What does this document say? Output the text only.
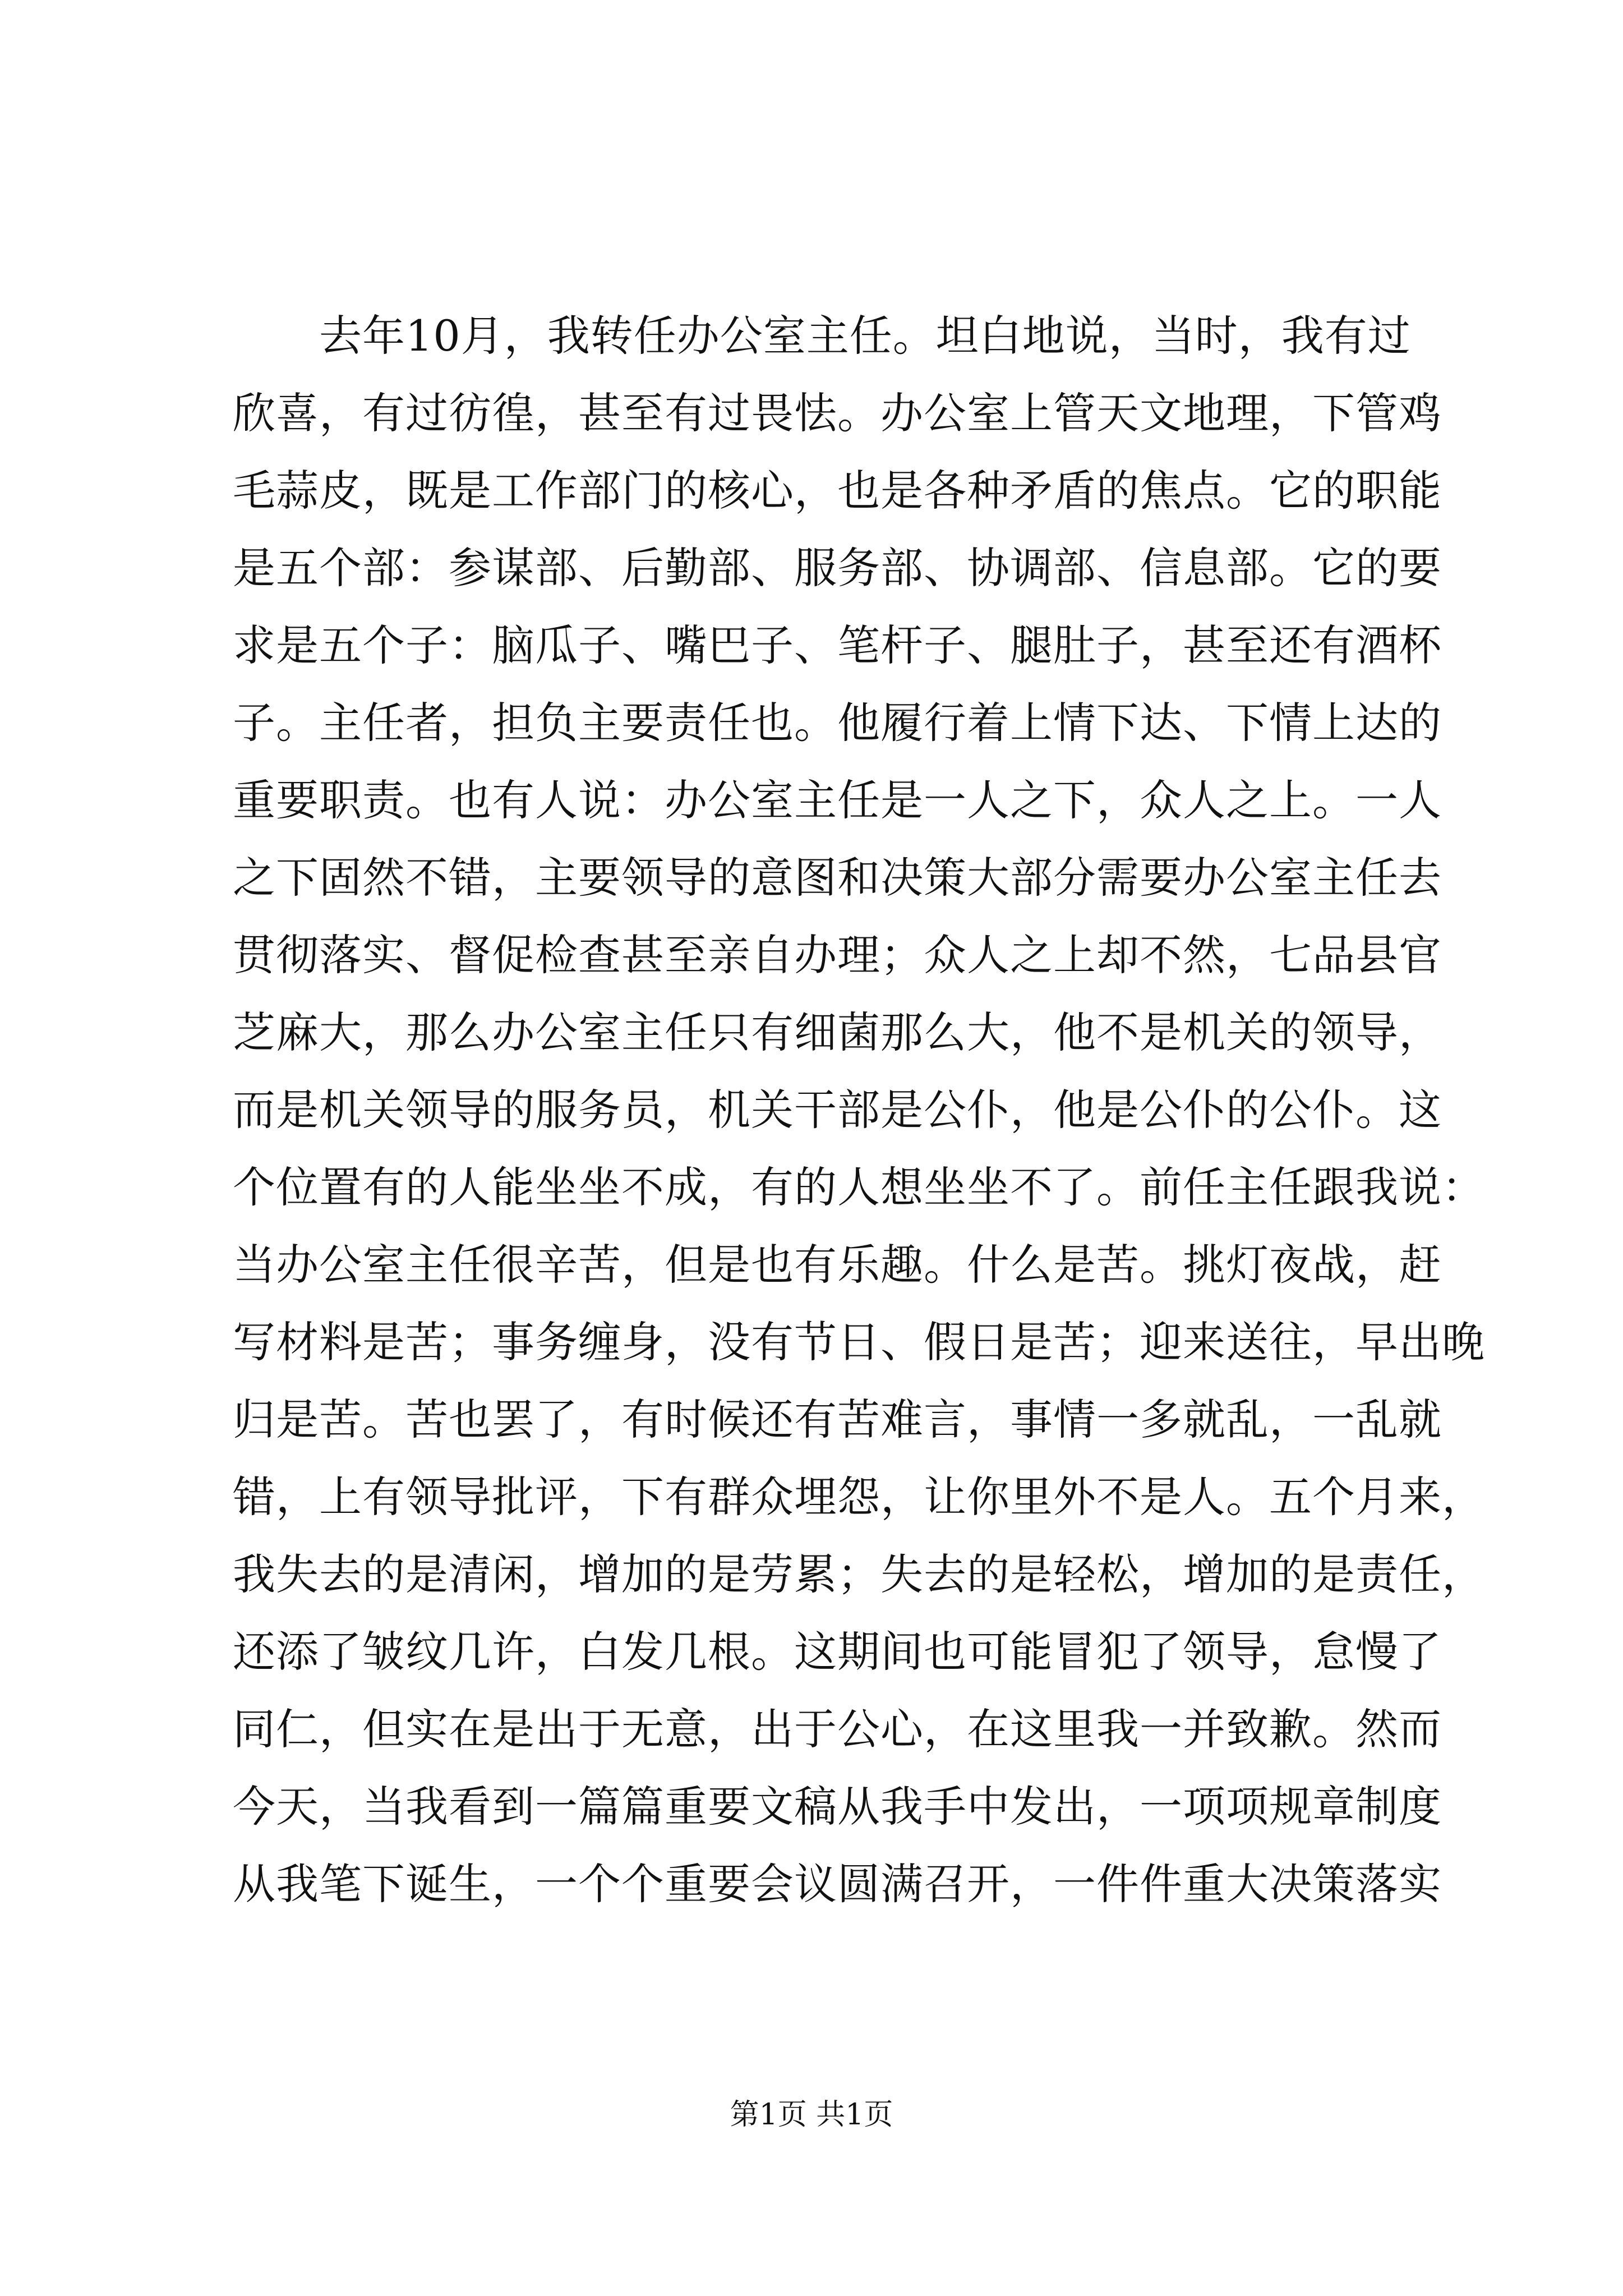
　　去年10月，我转任办公室主任。坦白地说，当时，我有过
欣喜，有过彷徨，甚至有过畏怯。办公室上管天文地理，下管鸡
毛蒜皮，既是工作部门的核心，也是各种矛盾的焦点。它的职能
是五个部：参谋部、后勤部、服务部、协调部、信息部。它的要
求是五个子：脑瓜子、嘴巴子、笔杆子、腿肚子，甚至还有酒杯
子。主任者，担负主要责任也。他履行着上情下达、下情上达的
重要职责。也有人说：办公室主任是一人之下，众人之上。一人
之下固然不错，主要领导的意图和决策大部分需要办公室主任去
贯彻落实、督促检查甚至亲自办理；众人之上却不然，七品县官
芝麻大，那么办公室主任只有细菌那么大，他不是机关的领导，
而是机关领导的服务员，机关干部是公仆，他是公仆的公仆。这
个位置有的人能坐坐不成，有的人想坐坐不了。前任主任跟我说：
当办公室主任很辛苦，但是也有乐趣。什么是苦。挑灯夜战，赶
写材料是苦；事务缠身，没有节日、假日是苦；迎来送往，早出晚
归是苦。苦也罢了，有时候还有苦难言，事情一多就乱，一乱就
错，上有领导批评，下有群众埋怨，让你里外不是人。五个月来，
我失去的是清闲，增加的是劳累；失去的是轻松，增加的是责任，
还添了皱纹几许，白发几根。这期间也可能冒犯了领导，怠慢了
同仁，但实在是出于无意，出于公心，在这里我一并致歉。然而
今天，当我看到一篇篇重要文稿从我手中发出，一项项规章制度
从我笔下诞生，一个个重要会议圆满召开，一件件重大决策落实
第1页 共1页
